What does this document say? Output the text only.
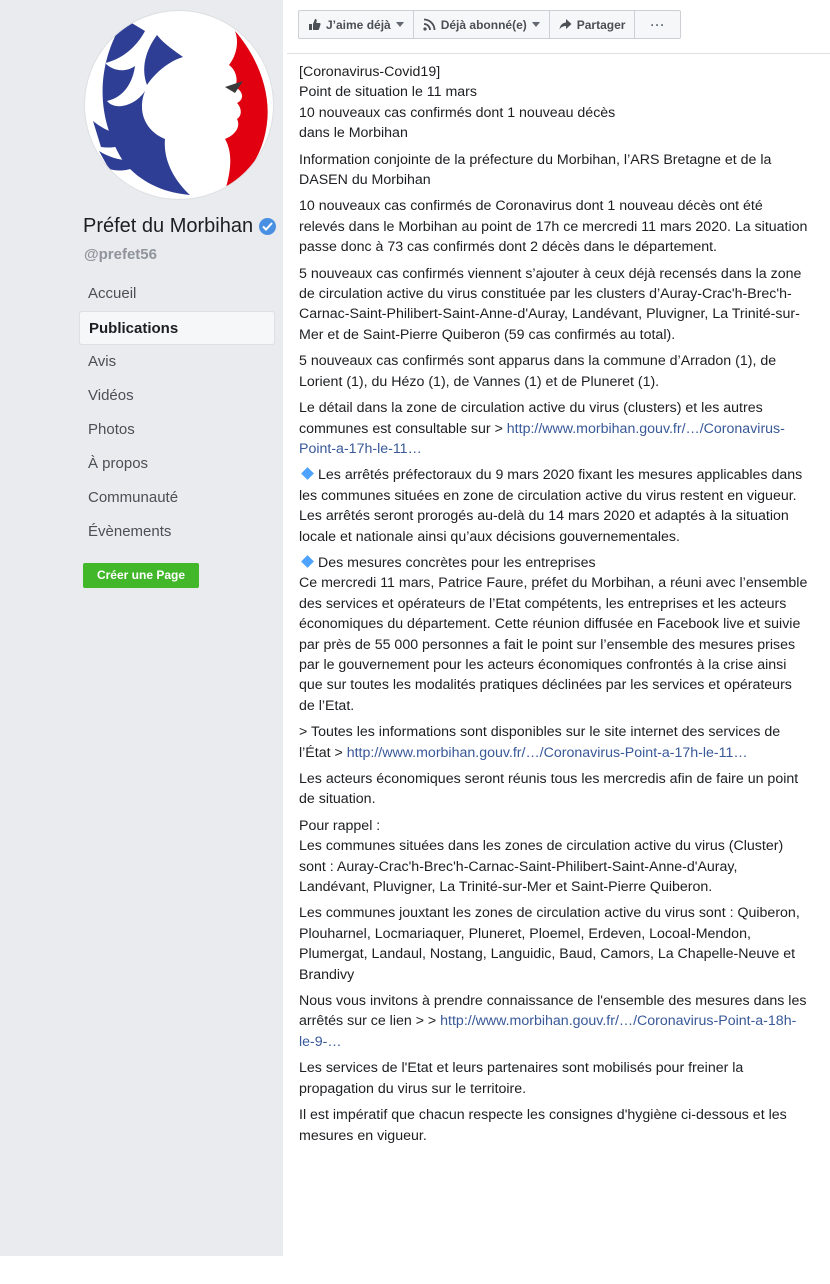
Préfet du Morbihan
@prefet56
Accueil
Publications
Avis
Vidéos
Photos
À propos
Communauté
Évènements
Créer une Page
J’aime déjà	Déjà abonné(e)	Partager	···

[Coronavirus-Covid19]
Point de situation le 11 mars
10 nouveaux cas confirmés dont 1 nouveau décès
dans le Morbihan

Information conjointe de la préfecture du Morbihan, l’ARS Bretagne et de la DASEN du Morbihan

10 nouveaux cas confirmés de Coronavirus dont 1 nouveau décès ont été relevés dans le Morbihan au point de 17h ce mercredi 11 mars 2020. La situation passe donc à 73 cas confirmés dont 2 décès dans le département.

5 nouveaux cas confirmés viennent s’ajouter à ceux déjà recensés dans la zone de circulation active du virus constituée par les clusters d’Auray-Crac'h-Brec'h-Carnac-Saint-Philibert-Saint-Anne-d'Auray, Landévant, Pluvigner, La Trinité-sur-Mer et de Saint-Pierre Quiberon (59 cas confirmés au total).

5 nouveaux cas confirmés sont apparus dans la commune d’Arradon (1), de Lorient (1), du Hézo (1), de Vannes (1) et de Pluneret (1).

Le détail dans la zone de circulation active du virus (clusters) et les autres communes est consultable sur > http://www.morbihan.gouv.fr/…/Coronavirus-Point-a-17h-le-11…

Les arrêtés préfectoraux du 9 mars 2020 fixant les mesures applicables dans les communes situées en zone de circulation active du virus restent en vigueur. Les arrêtés seront prorogés au-delà du 14 mars 2020 et adaptés à la situation locale et nationale ainsi qu’aux décisions gouvernementales.

Des mesures concrètes pour les entreprises
Ce mercredi 11 mars, Patrice Faure, préfet du Morbihan, a réuni avec l’ensemble des services et opérateurs de l’Etat compétents, les entreprises et les acteurs économiques du département. Cette réunion diffusée en Facebook live et suivie par près de 55 000 personnes a fait le point sur l’ensemble des mesures prises par le gouvernement pour les acteurs économiques confrontés à la crise ainsi que sur toutes les modalités pratiques déclinées par les services et opérateurs de l’Etat.

> Toutes les informations sont disponibles sur le site internet des services de l’État > http://www.morbihan.gouv.fr/…/Coronavirus-Point-a-17h-le-11…

Les acteurs économiques seront réunis tous les mercredis afin de faire un point de situation.

Pour rappel :
Les communes situées dans les zones de circulation active du virus (Cluster) sont : Auray-Crac'h-Brec'h-Carnac-Saint-Philibert-Saint-Anne-d'Auray, Landévant, Pluvigner, La Trinité-sur-Mer et Saint-Pierre Quiberon.

Les communes jouxtant les zones de circulation active du virus sont : Quiberon, Plouharnel, Locmariaquer, Pluneret, Ploemel, Erdeven, Locoal-Mendon, Plumergat, Landaul, Nostang, Languidic, Baud, Camors, La Chapelle-Neuve et Brandivy

Nous vous invitons à prendre connaissance de l'ensemble des mesures dans les arrêtés sur ce lien > > http://www.morbihan.gouv.fr/…/Coronavirus-Point-a-18h-le-9-…

Les services de l'Etat et leurs partenaires sont mobilisés pour freiner la propagation du virus sur le territoire.

Il est impératif que chacun respecte les consignes d'hygiène ci-dessous et les mesures en vigueur.
